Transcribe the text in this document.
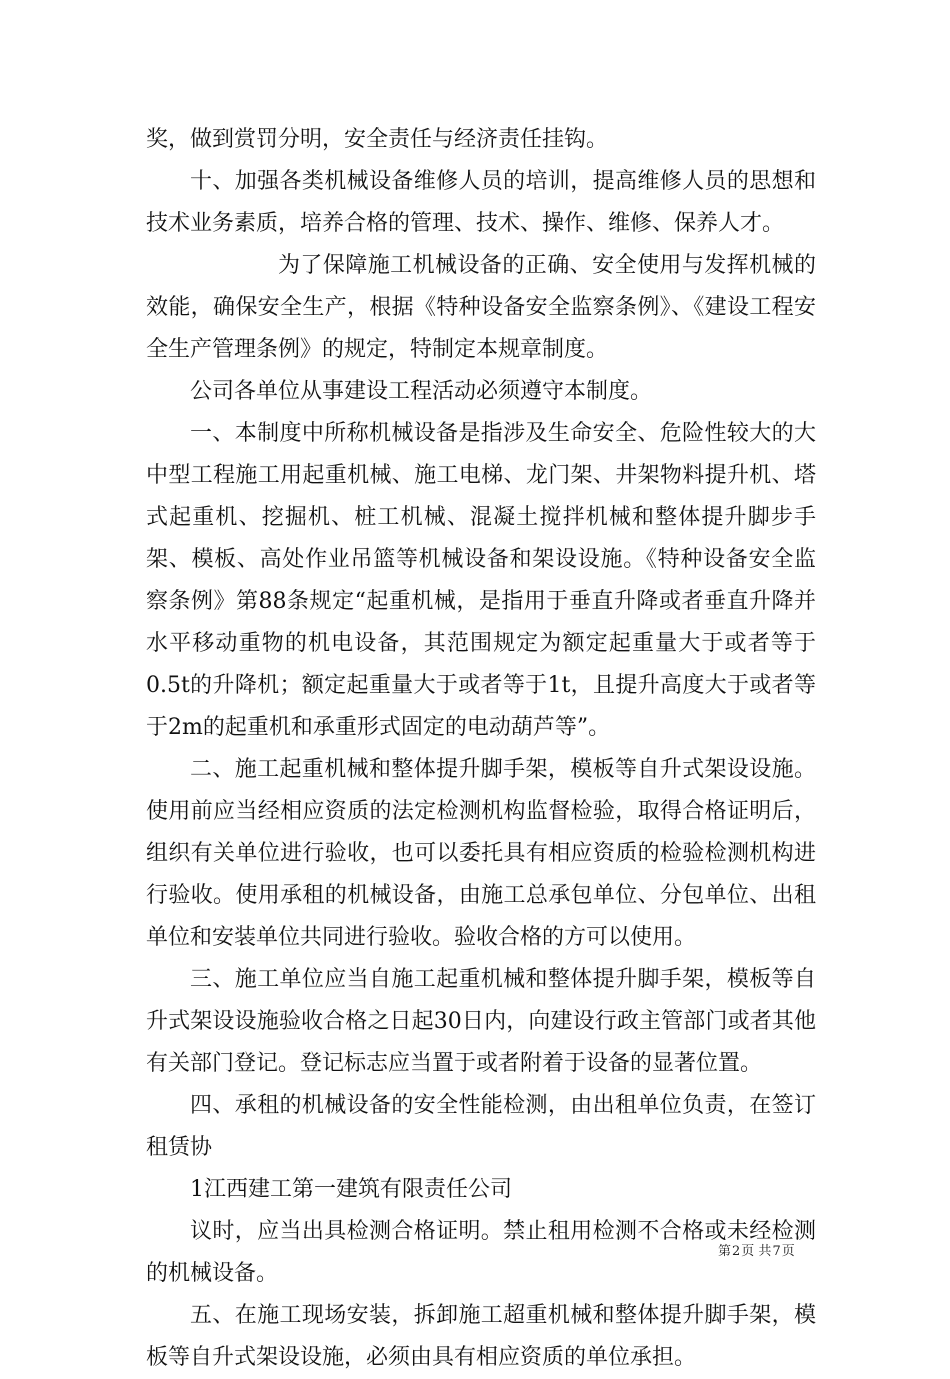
奖，做到赏罚分明，安全责任与经济责任挂钩。

十、加强各类机械设备维修人员的培训，提高维修人员的思想和技术业务素质，培养合格的管理、技术、操作、维修、保养人才。

为了保障施工机械设备的正确、安全使用与发挥机械的效能，确保安全生产，根据《特种设备安全监察条例》、《建设工程安全生产管理条例》的规定，特制定本规章制度。

公司各单位从事建设工程活动必须遵守本制度。

一、本制度中所称机械设备是指涉及生命安全、危险性较大的大中型工程施工用起重机械、施工电梯、龙门架、井架物料提升机、塔式起重机、挖掘机、桩工机械、混凝土搅拌机械和整体提升脚步手架、模板、高处作业吊篮等机械设备和架设设施。《特种设备安全监察条例》第88条规定“起重机械，是指用于垂直升降或者垂直升降并水平移动重物的机电设备，其范围规定为额定起重量大于或者等于0.5t的升降机；额定起重量大于或者等于1t，且提升高度大于或者等于2m的起重机和承重形式固定的电动葫芦等”。

二、施工起重机械和整体提升脚手架，模板等自升式架设设施。使用前应当经相应资质的法定检测机构监督检验，取得合格证明后，组织有关单位进行验收，也可以委托具有相应资质的检验检测机构进行验收。使用承租的机械设备，由施工总承包单位、分包单位、出租单位和安装单位共同进行验收。验收合格的方可以使用。

三、施工单位应当自施工起重机械和整体提升脚手架，模板等自升式架设设施验收合格之日起30日内，向建设行政主管部门或者其他有关部门登记。登记标志应当置于或者附着于设备的显著位置。

四、承租的机械设备的安全性能检测，由出租单位负责，在签订租赁协

1江西建工第一建筑有限责任公司

议时，应当出具检测合格证明。禁止租用检测不合格或未经检测的机械设备。

五、在施工现场安装，拆卸施工超重机械和整体提升脚手架，模板等自升式架设设施，必须由具有相应资质的单位承担。

第2页 共7页
